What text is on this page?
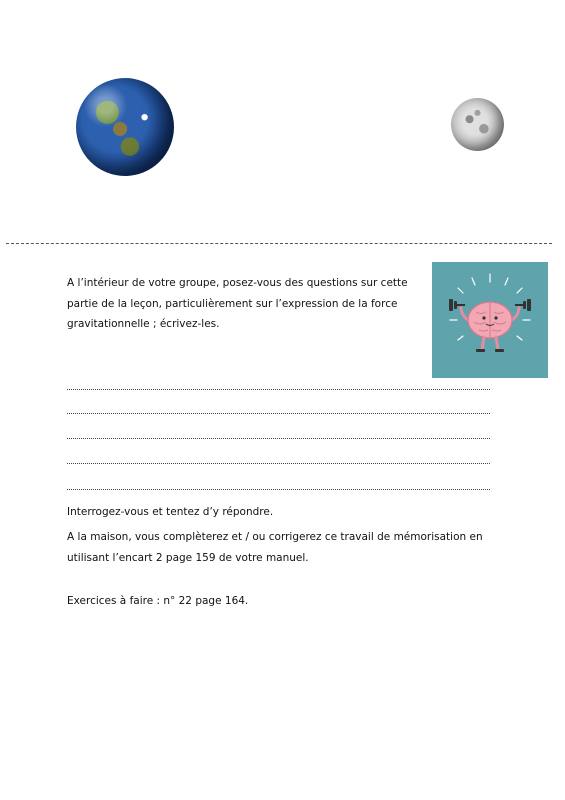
A l’intérieur de votre groupe, posez-vous des questions sur cette partie de la leçon, particulièrement sur l’expression de la force gravitationnelle ; écrivez-les.

Interrogez-vous et tentez d’y répondre.

A la maison, vous complèterez et / ou corrigerez ce travail de mémorisation en utilisant l’encart 2 page 159 de votre manuel.

Exercices à faire : n° 22 page 164.
